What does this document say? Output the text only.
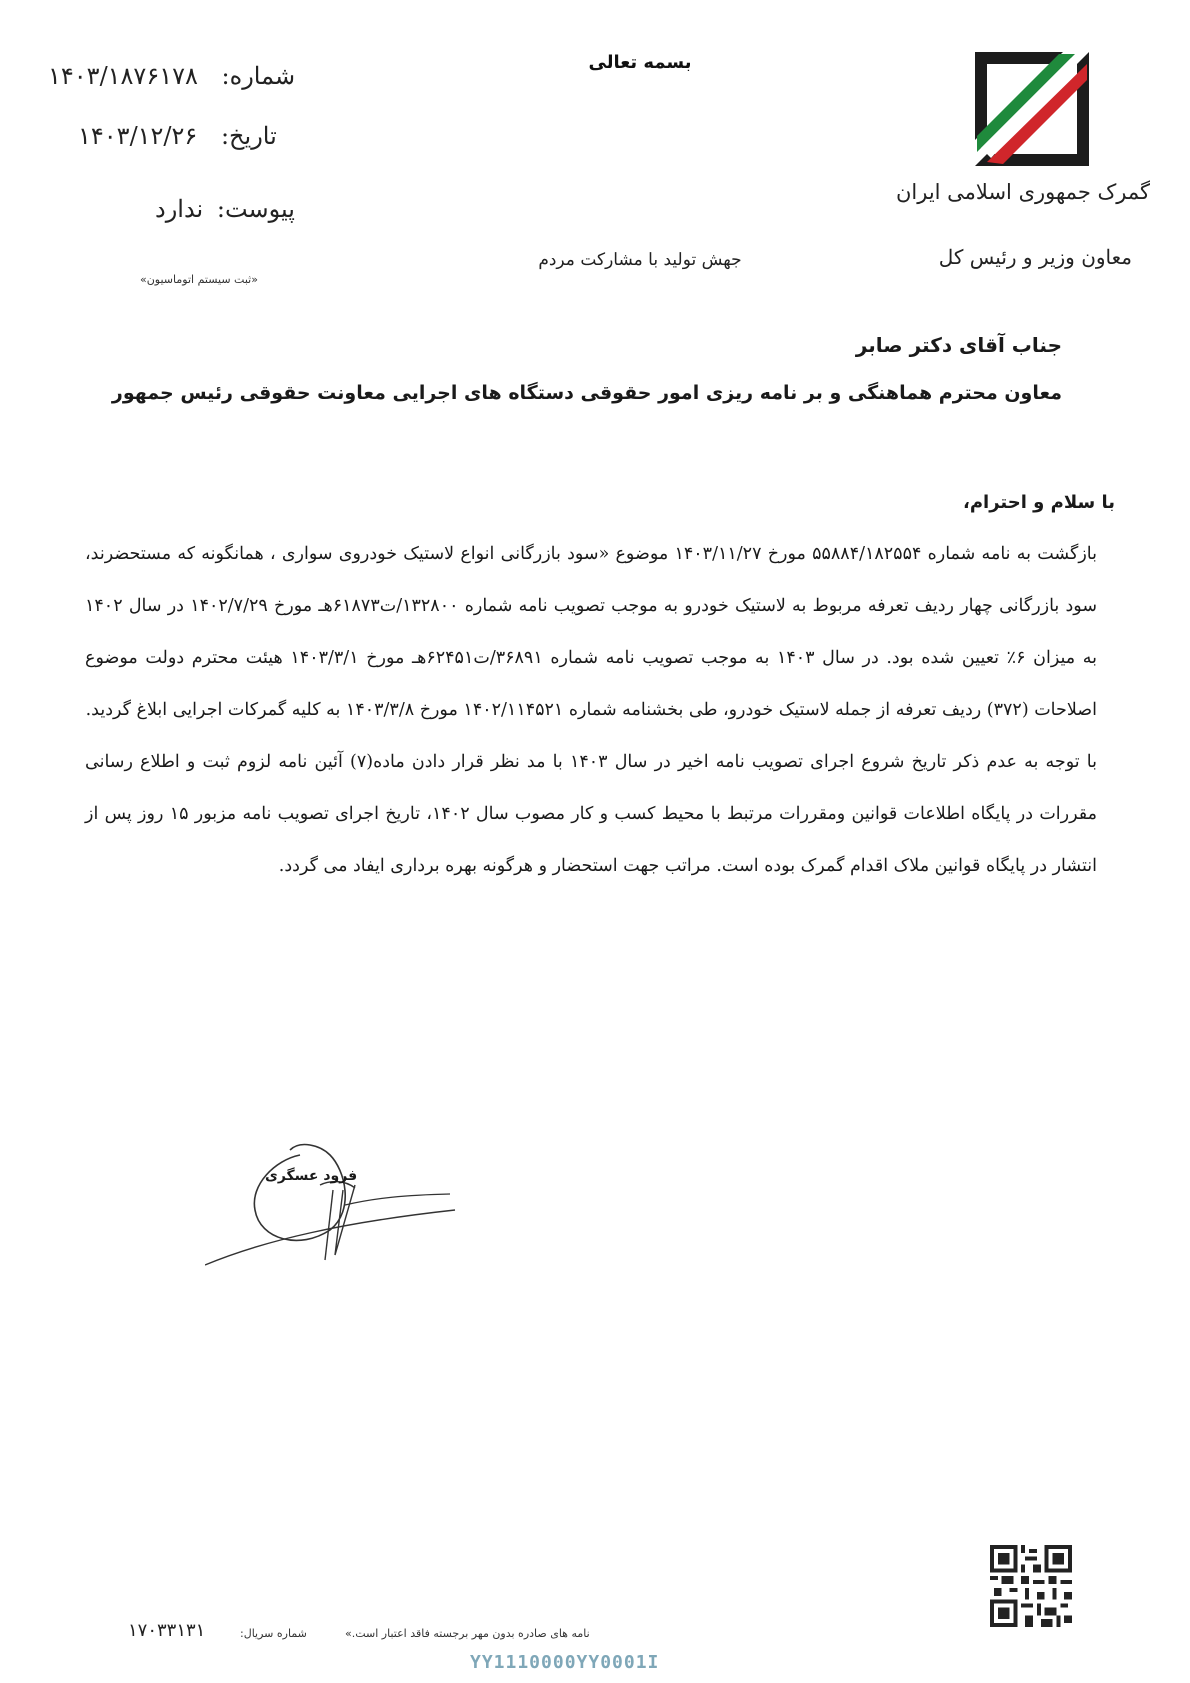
شماره: ۱۴۰۳/۱۸۷۶۱۷۸
تاریخ: ۱۴۰۳/۱۲/۲۶
پیوست: ندارد
«ثبت سیستم اتوماسیون»
بسمه تعالی
جهش تولید با مشارکت مردم
گمرک جمهوری اسلامی ایران
معاون وزیر و رئیس کل
جناب آقای دکتر صابر
معاون محترم هماهنگی و بر نامه ریزی امور حقوقی دستگاه های اجرایی معاونت حقوقی رئیس جمهور
با سلام و احترام،

بازگشت به نامه شماره ۵۵۸۸۴/۱۸۲۵۵۴ مورخ ۱۴۰۳/۱۱/۲۷ موضوع «سود بازرگانی انواع لاستیک خودروی سواری ، همانگونه که مستحضرند، سود بازرگانی چهار ردیف تعرفه مربوط به لاستیک خودرو به موجب تصویب نامه شماره ۱۳۲۸۰۰/ت۶۱۸۷۳هـ مورخ ۱۴۰۲/۷/۲۹ در سال ۱۴۰۲ به میزان ۶٪ تعیین شده بود. در سال ۱۴۰۳ به موجب تصویب نامه شماره ۳۶۸۹۱/ت۶۲۴۵۱هـ مورخ ۱۴۰۳/۳/۱ هیئت محترم دولت موضوع اصلاحات (۳۷۲) ردیف تعرفه از جمله لاستیک خودرو، طی بخشنامه شماره ۱۴۰۲/۱۱۴۵۲۱ مورخ ۱۴۰۳/۳/۸ به کلیه گمرکات اجرایی ابلاغ گردید.

با توجه به عدم ذکر تاریخ شروع اجرای تصویب نامه اخیر در سال ۱۴۰۳ با مد نظر قرار دادن ماده(۷) آئین نامه لزوم ثبت و اطلاع رسانی مقررات در پایگاه اطلاعات قوانین ومقررات مرتبط با محیط کسب و کار مصوب سال ۱۴۰۲، تاریخ اجرای تصویب نامه مزبور ۱۵ روز پس از انتشار در پایگاه قوانین ملاک اقدام گمرک بوده است. مراتب جهت استحضار و هرگونه بهره برداری ایفاد می گردد.

فرود عسگری
نامه های صادره بدون مهر برجسته فاقد اعتبار است.»
شماره سریال:
۱۷۰۳۳۱۳۱
YY1110000YY0001I
